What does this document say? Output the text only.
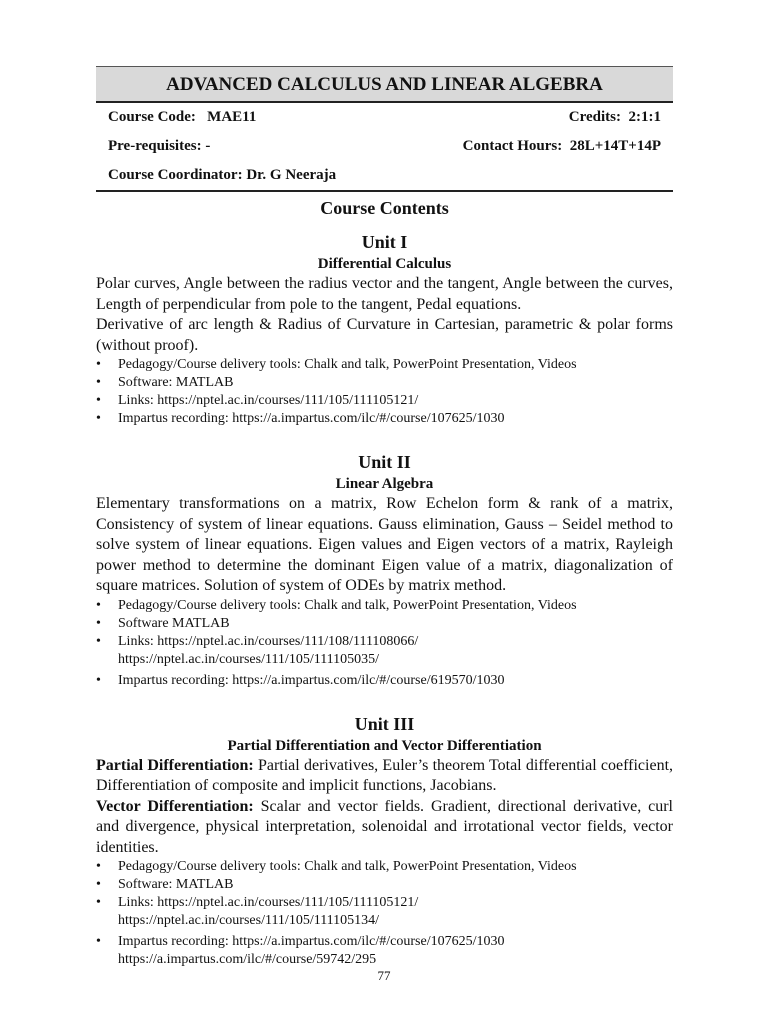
ADVANCED CALCULUS AND LINEAR ALGEBRA
Course Code:   MAE11	Credits:  2:1:1
Pre-requisites: -	Contact Hours:  28L+14T+14P
Course Coordinator: Dr. G Neeraja
Course Contents
Unit I
Differential Calculus

Polar curves, Angle between the radius vector and the tangent, Angle between the curves, Length of perpendicular from pole to the tangent, Pedal equations.

Derivative of arc length & Radius of Curvature in Cartesian, parametric & polar forms (without proof).

• Pedagogy/Course delivery tools: Chalk and talk, PowerPoint Presentation, Videos
• Software: MATLAB
• Links: https://nptel.ac.in/courses/111/105/111105121/
• Impartus recording: https://a.impartus.com/ilc/#/course/107625/1030
Unit II
Linear Algebra

Elementary transformations on a matrix, Row Echelon form & rank of a matrix, Consistency of system of linear equations. Gauss elimination, Gauss – Seidel method to solve system of linear equations. Eigen values and Eigen vectors of a matrix, Rayleigh power method to determine the dominant Eigen value of a matrix, diagonalization of square matrices. Solution of system of ODEs by matrix method.

• Pedagogy/Course delivery tools: Chalk and talk, PowerPoint Presentation, Videos
• Software MATLAB
• Links: https://nptel.ac.in/courses/111/108/111108066/
https://nptel.ac.in/courses/111/105/111105035/
• Impartus recording: https://a.impartus.com/ilc/#/course/619570/1030
Unit III
Partial Differentiation and Vector Differentiation

Partial Differentiation: Partial derivatives, Euler’s theorem Total differential coefficient, Differentiation of composite and implicit functions, Jacobians.

Vector Differentiation: Scalar and vector fields. Gradient, directional derivative, curl and divergence, physical interpretation, solenoidal and irrotational vector fields, vector identities.

• Pedagogy/Course delivery tools: Chalk and talk, PowerPoint Presentation, Videos
• Software: MATLAB
• Links: https://nptel.ac.in/courses/111/105/111105121/
https://nptel.ac.in/courses/111/105/111105134/
• Impartus recording: https://a.impartus.com/ilc/#/course/107625/1030
https://a.impartus.com/ilc/#/course/59742/295
77
